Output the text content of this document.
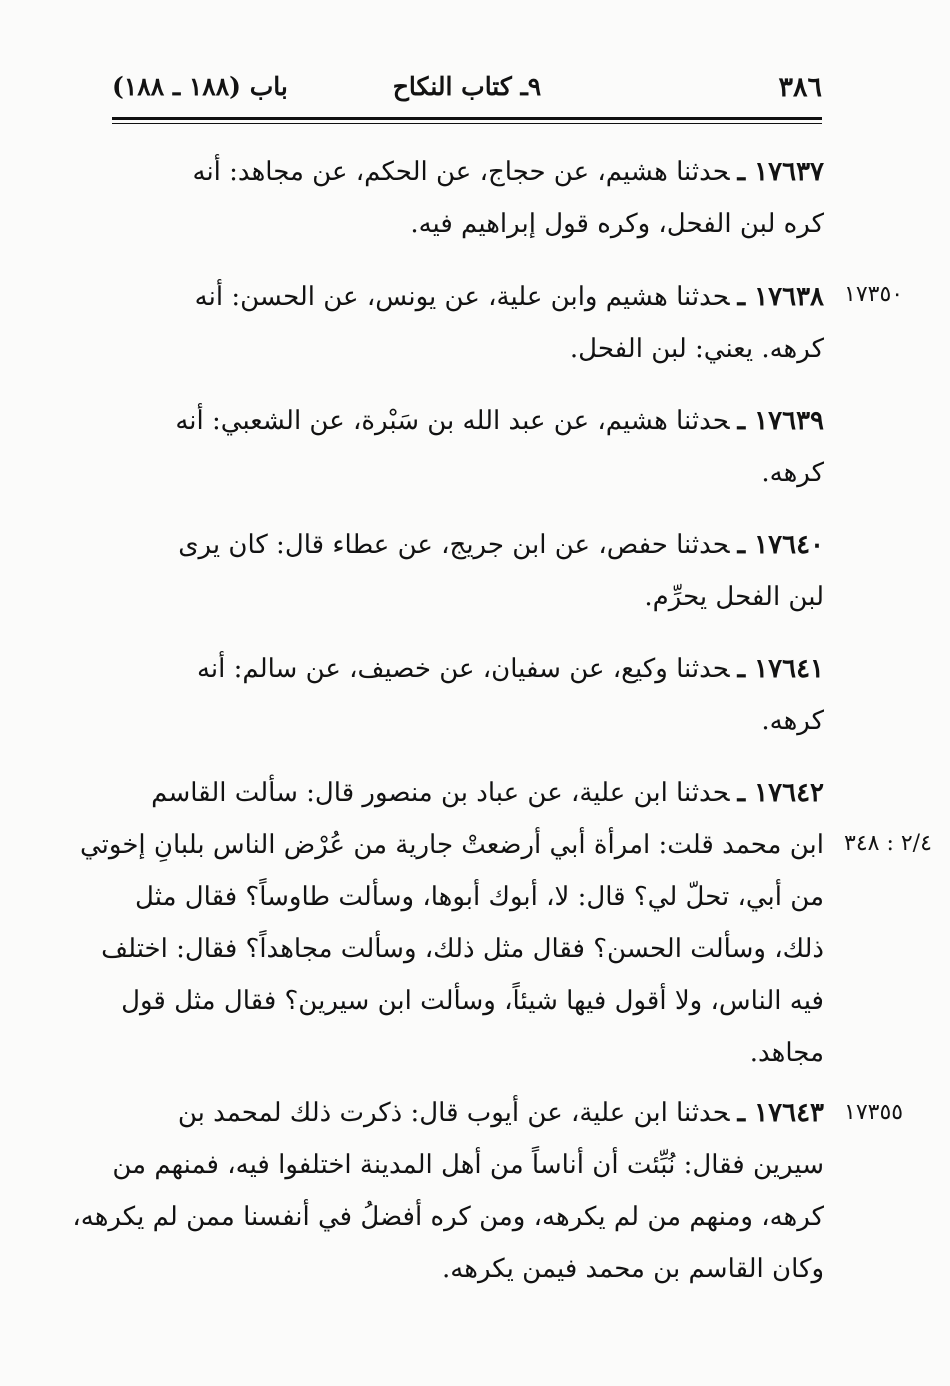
٣٨٦
٩ـ كتاب النكاح
باب (١٨٨ ـ ١٨٨)
١٧٣٥٠
٢/٤ : ٣٤٨
١٧٣٥٥
١٧٦٣٧ ـحدثنا هشيم، عن حجاج، عن الحكم، عن مجاهد: أنه
كره لبن الفحل، وكره قول إبراهيم فيه.
١٧٦٣٨ ـحدثنا هشيم وابن علية، عن يونس، عن الحسن: أنه
كرهه. يعني: لبن الفحل.
١٧٦٣٩ ـحدثنا هشيم، عن عبد الله بن سَبْرة، عن الشعبي: أنه
كرهه.
١٧٦٤٠ ـحدثنا حفص، عن ابن جريج، عن عطاء قال: كان يرى
لبن الفحل يحرِّم.
١٧٦٤١ ـحدثنا وكيع، عن سفيان، عن خصيف، عن سالم: أنه
كرهه.
١٧٦٤٢ ـحدثنا ابن علية، عن عباد بن منصور قال: سألت القاسم
ابن محمد قلت: امرأة أبي أرضعتْ جارية من عُرْض الناس بلبانِ إخوتي
من أبي، تحلّ لي؟ قال: لا، أبوك أبوها، وسألت طاوساً؟ فقال مثل
ذلك، وسألت الحسن؟ فقال مثل ذلك، وسألت مجاهداً؟ فقال: اختلف
فيه الناس، ولا أقول فيها شيئاً، وسألت ابن سيرين؟ فقال مثل قول
مجاهد.
١٧٦٤٣ ـحدثنا ابن علية، عن أيوب قال: ذكرت ذلك لمحمد بن
سيرين فقال: نُبِّئت أن أناساً من أهل المدينة اختلفوا فيه، فمنهم من
كرهه، ومنهم من لم يكرهه، ومن كره أفضلُ في أنفسنا ممن لم يكرهه،
وكان القاسم بن محمد فيمن يكرهه.
